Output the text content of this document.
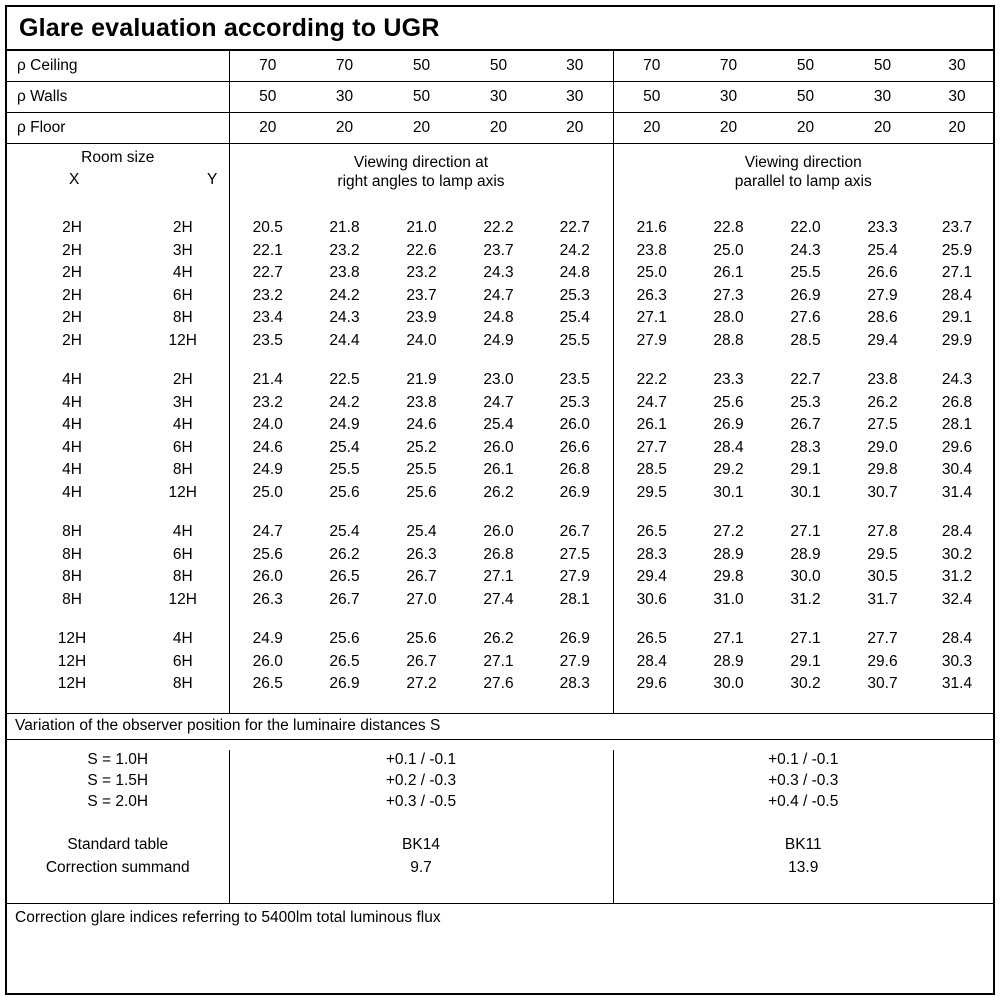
Glare evaluation according to UGR
ρ Ceiling	70	70	50	50	30	70	70	50	50	30
ρ Walls	50	30	50	30	30	50	30	50	30	30
ρ Floor	20	20	20	20	20	20	20	20	20	20
Room size
X	Y

Viewing direction at
right angles to lamp axis

Viewing direction
parallel to lamp axis

2H	2H	20.5	21.8	21.0	22.2	22.7	21.6	22.8	22.0	23.3	23.7
2H	3H	22.1	23.2	22.6	23.7	24.2	23.8	25.0	24.3	25.4	25.9
2H	4H	22.7	23.8	23.2	24.3	24.8	25.0	26.1	25.5	26.6	27.1
2H	6H	23.2	24.2	23.7	24.7	25.3	26.3	27.3	26.9	27.9	28.4
2H	8H	23.4	24.3	23.9	24.8	25.4	27.1	28.0	27.6	28.6	29.1
2H	12H	23.5	24.4	24.0	24.9	25.5	27.9	28.8	28.5	29.4	29.9

4H	2H	21.4	22.5	21.9	23.0	23.5	22.2	23.3	22.7	23.8	24.3
4H	3H	23.2	24.2	23.8	24.7	25.3	24.7	25.6	25.3	26.2	26.8
4H	4H	24.0	24.9	24.6	25.4	26.0	26.1	26.9	26.7	27.5	28.1
4H	6H	24.6	25.4	25.2	26.0	26.6	27.7	28.4	28.3	29.0	29.6
4H	8H	24.9	25.5	25.5	26.1	26.8	28.5	29.2	29.1	29.8	30.4
4H	12H	25.0	25.6	25.6	26.2	26.9	29.5	30.1	30.1	30.7	31.4

8H	4H	24.7	25.4	25.4	26.0	26.7	26.5	27.2	27.1	27.8	28.4
8H	6H	25.6	26.2	26.3	26.8	27.5	28.3	28.9	28.9	29.5	30.2
8H	8H	26.0	26.5	26.7	27.1	27.9	29.4	29.8	30.0	30.5	31.2
8H	12H	26.3	26.7	27.0	27.4	28.1	30.6	31.0	31.2	31.7	32.4

12H	4H	24.9	25.6	25.6	26.2	26.9	26.5	27.1	27.1	27.7	28.4
12H	6H	26.0	26.5	26.7	27.1	27.9	28.4	28.9	29.1	29.6	30.3
12H	8H	26.5	26.9	27.2	27.6	28.3	29.6	30.0	30.2	30.7	31.4

Variation of the observer position for the luminaire distances S
S = 1.0H	+0.1 / -0.1	+0.1 / -0.1
S = 1.5H	+0.2 / -0.3	+0.3 / -0.3
S = 2.0H	+0.3 / -0.5	+0.4 / -0.5

Standard table	BK14	BK11
Correction summand	9.7	13.9

Correction glare indices referring to 5400lm total luminous flux
